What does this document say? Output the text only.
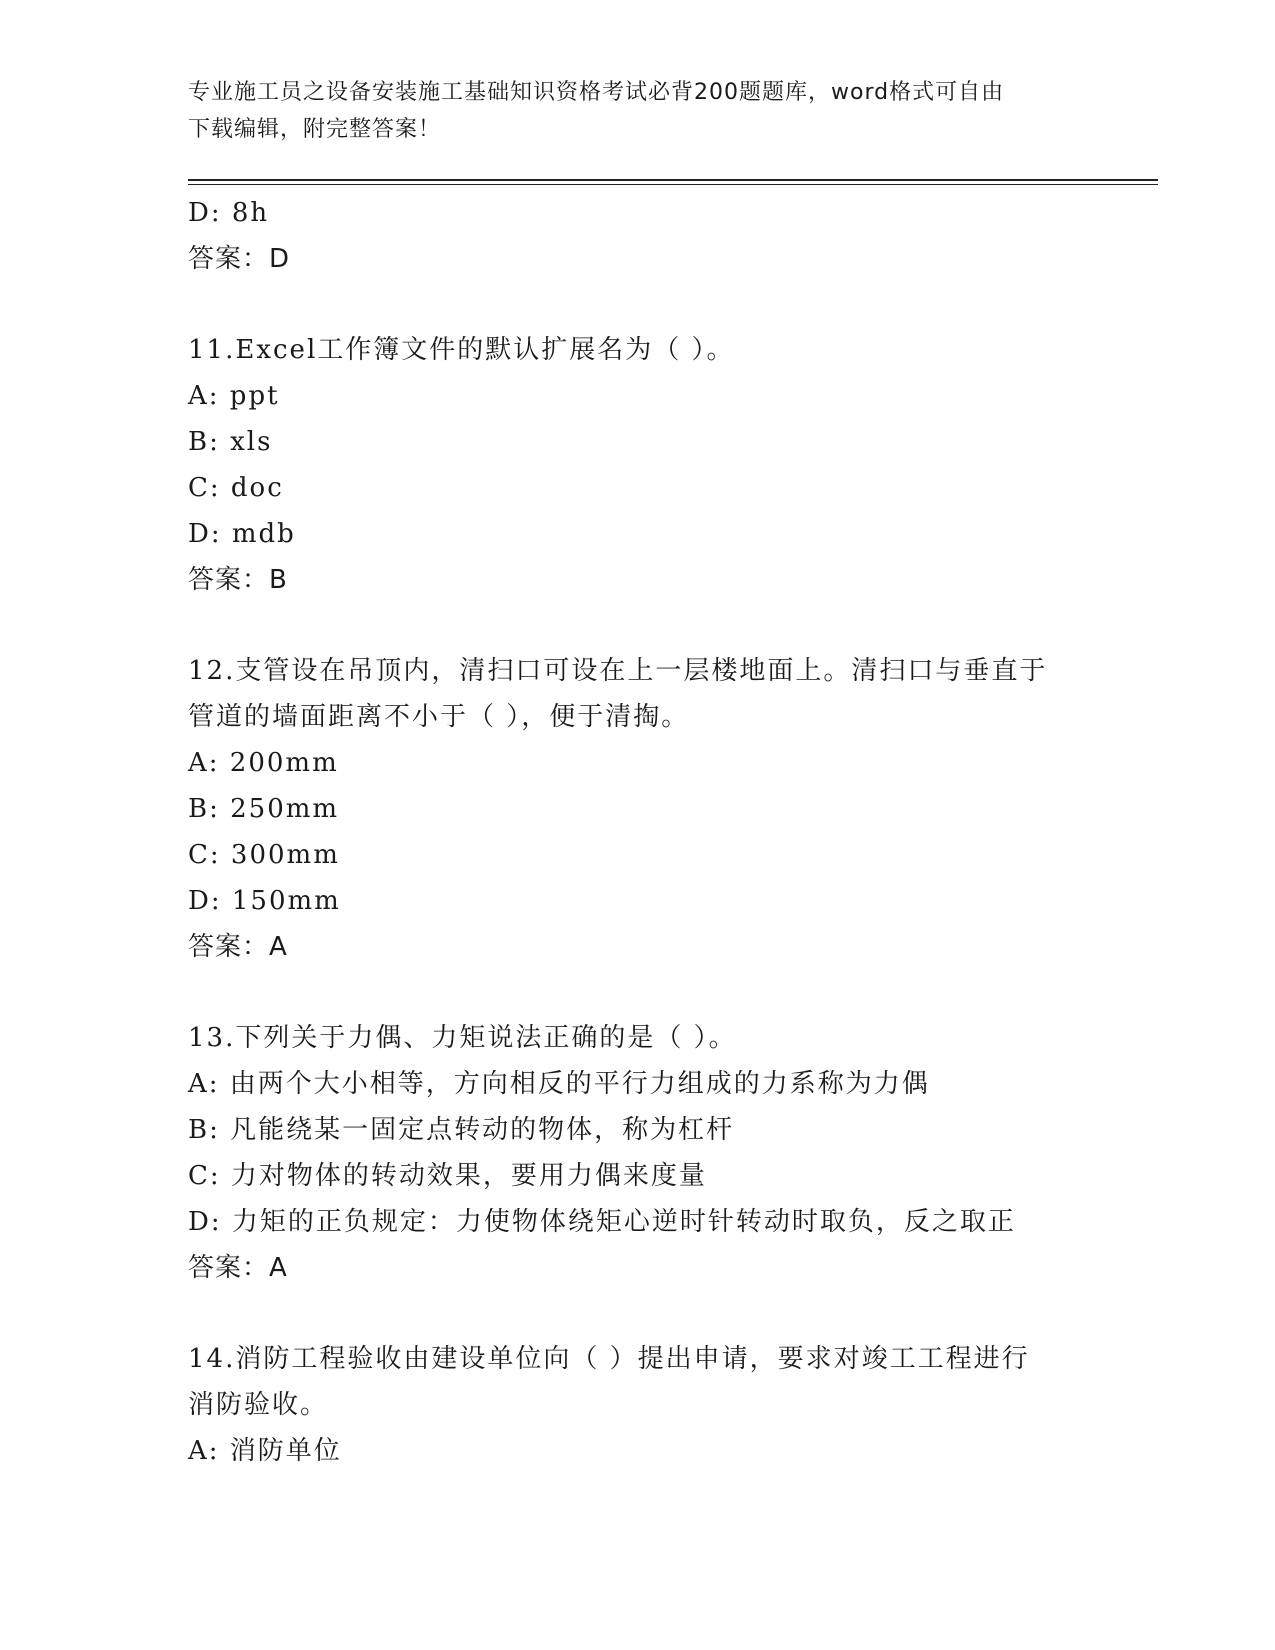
专业施工员之设备安装施工基础知识资格考试必背200题题库，word格式可自由
下载编辑，附完整答案！
D: 8h
答案：D
11.Excel工作簿文件的默认扩展名为（ ）。
A: ppt
B: xls
C: doc
D: mdb
答案：B
12.支管设在吊顶内，清扫口可设在上一层楼地面上。清扫口与垂直于
管道的墙面距离不小于（ ），便于清掏。
A: 200mm
B: 250mm
C: 300mm
D: 150mm
答案：A
13.下列关于力偶、力矩说法正确的是（ ）。
A: 由两个大小相等，方向相反的平行力组成的力系称为力偶
B: 凡能绕某一固定点转动的物体，称为杠杆
C: 力对物体的转动效果，要用力偶来度量
D: 力矩的正负规定：力使物体绕矩心逆时针转动时取负，反之取正
答案：A
14.消防工程验收由建设单位向（ ）提出申请，要求对竣工工程进行
消防验收。
A: 消防单位
